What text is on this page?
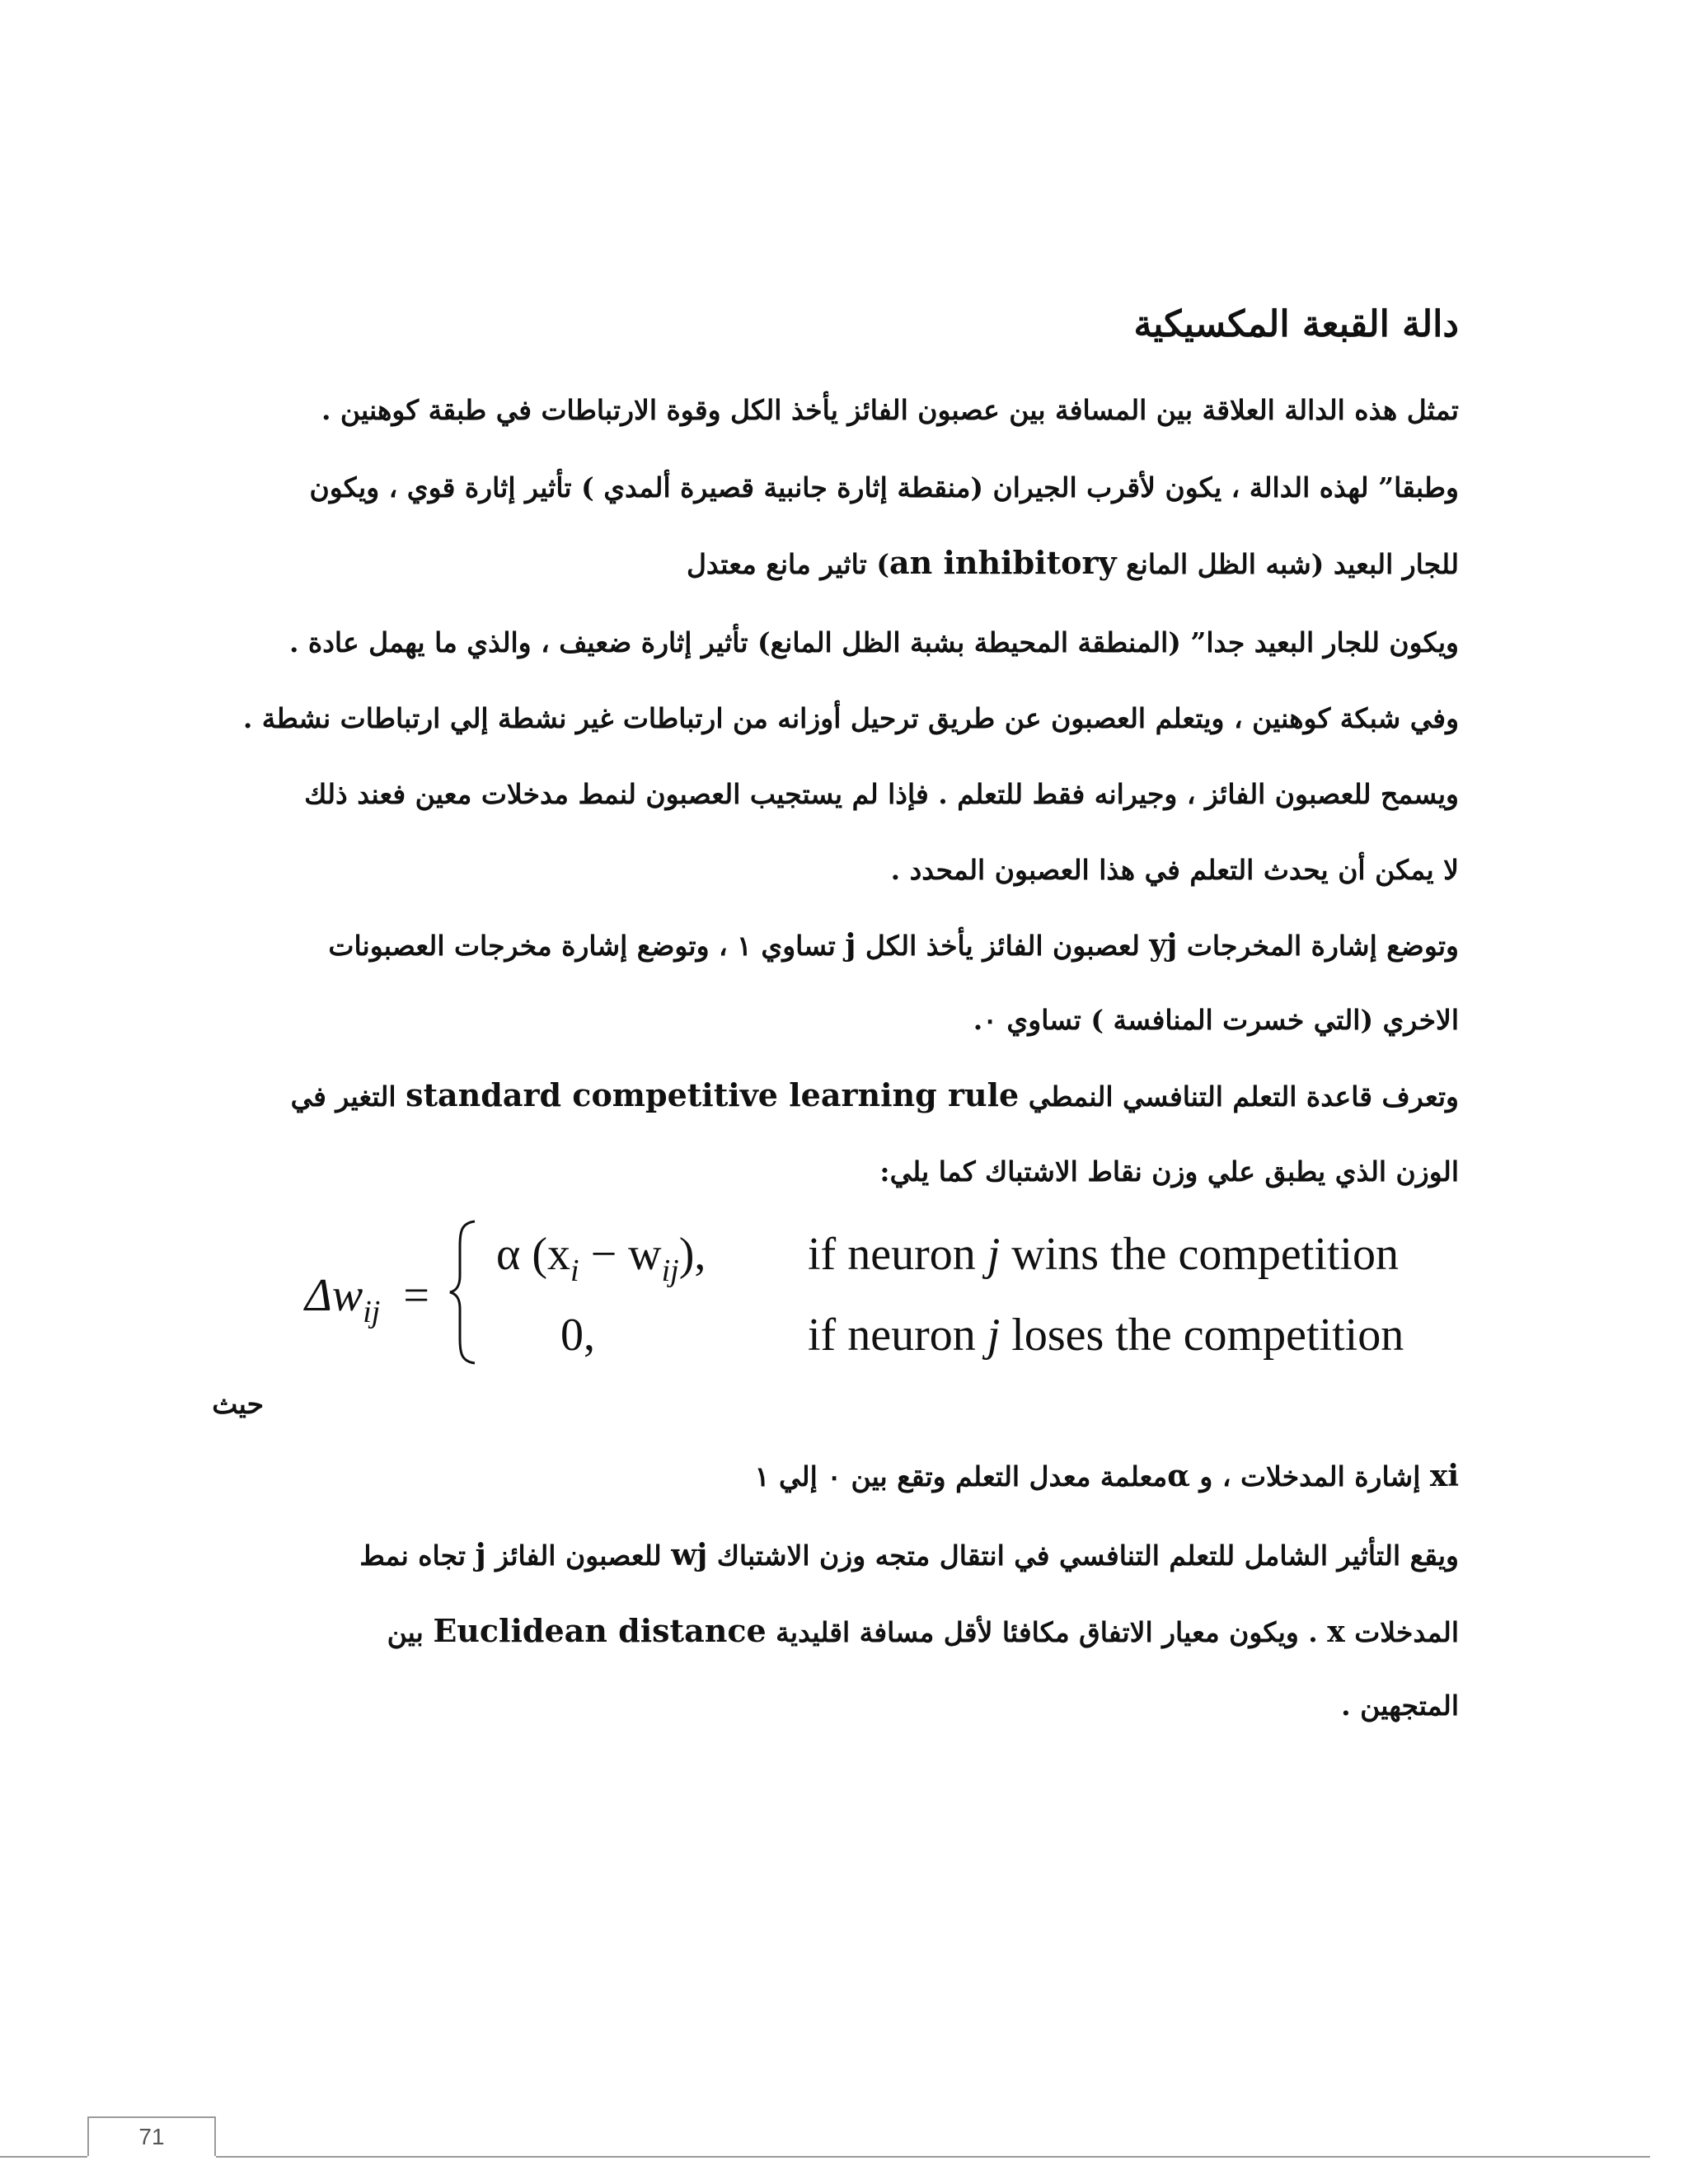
دالة القبعة المكسيكية
تمثل هذه الدالة العلاقة بين المسافة بين عصبون الفائز يأخذ الكل وقوة الارتباطات في طبقة كوهنين .
وطبقا” لهذه الدالة ، يكون لأقرب الجيران (منقطة إثارة جانبية قصيرة ألمدي ) تأثير إثارة قوي ، ويكون
للجار البعيد (شبه الظل المانع an inhibitory) تاثير مانع معتدل
ويكون للجار البعيد جدا” (المنطقة المحيطة بشبة الظل المانع) تأثير إثارة ضعيف ، والذي ما يهمل عادة .
وفي شبكة كوهنين ، ويتعلم العصبون عن طريق ترحيل أوزانه من ارتباطات غير نشطة إلي ارتباطات نشطة .
ويسمح للعصبون الفائز ، وجيرانه فقط للتعلم . فإذا لم يستجيب العصبون لنمط مدخلات معين فعند ذلك
لا يمكن أن يحدث التعلم في هذا العصبون المحدد .
وتوضع إشارة المخرجات yj لعصبون الفائز يأخذ الكل j تساوي ١ ، وتوضع إشارة مخرجات العصبونات
الاخري (التي خسرت المنافسة ) تساوي ٠.
وتعرف قاعدة التعلم التنافسي النمطي standard competitive learning rule التغير في
الوزن الذي يطبق علي وزن نقاط الاشتباك كما يلي:
حيث
xi إشارة المدخلات ، و αمعلمة معدل التعلم وتقع بين ٠ إلي ١
ويقع التأثير الشامل للتعلم التنافسي في انتقال متجه وزن الاشتباك wj للعصبون الفائز j تجاه نمط
المدخلات x . ويكون معيار الاتفاق مكافئا لأقل مسافة اقليدية Euclidean distance بين
المتجهين .
$\Delta w_{ij}$ =
α $(x_i - w_{ij})$, if neuron j wins the competition
0,	if neuron j loses the competition
71
